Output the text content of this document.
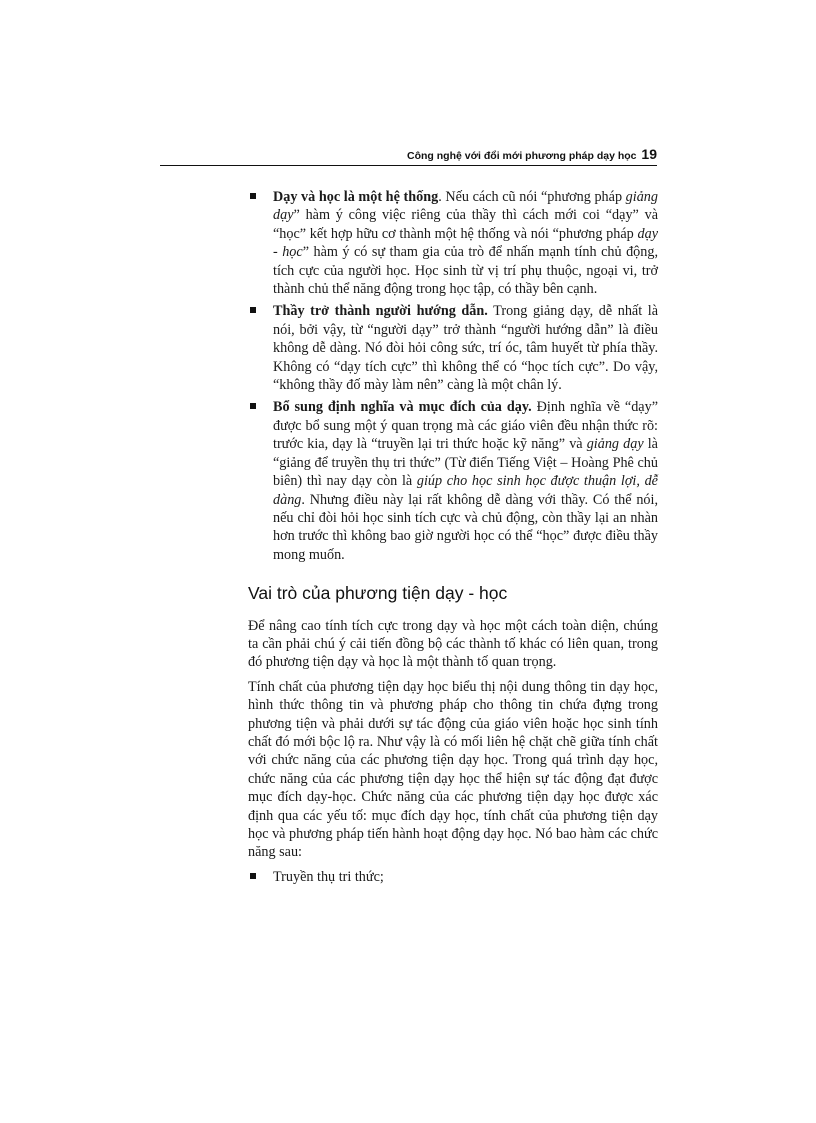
Công nghệ với đổi mới phương pháp dạy học 19
Dạy và học là một hệ thống. Nếu cách cũ nói “phương pháp giảng dạy” hàm ý công việc riêng của thầy thì cách mới coi “dạy” và “học” kết hợp hữu cơ thành một hệ thống và nói “phương pháp dạy - học” hàm ý có sự tham gia của trò để nhấn mạnh tính chủ động, tích cực của người học. Học sinh từ vị trí phụ thuộc, ngoại vi, trở thành chủ thể năng động trong học tập, có thầy bên cạnh.
Thầy trở thành người hướng dẫn. Trong giảng dạy, dễ nhất là nói, bởi vậy, từ “người dạy” trở thành “người hướng dẫn” là điều không dễ dàng. Nó đòi hỏi công sức, trí óc, tâm huyết từ phía thầy. Không có “dạy tích cực” thì không thể có “học tích cực”. Do vậy, “không thầy đố mày làm nên” càng là một chân lý.
Bổ sung định nghĩa và mục đích của dạy. Định nghĩa về “dạy” được bổ sung một ý quan trọng mà các giáo viên đều nhận thức rõ: trước kia, dạy là “truyền lại tri thức hoặc kỹ năng” và giảng dạy là “giảng để truyền thụ tri thức” (Từ điển Tiếng Việt – Hoàng Phê chủ biên) thì nay dạy còn là giúp cho học sinh học được thuận lợi, dễ dàng. Nhưng điều này lại rất không dễ dàng với thầy. Có thể nói, nếu chỉ đòi hỏi học sinh tích cực và chủ động, còn thầy lại an nhàn hơn trước thì không bao giờ người học có thể “học” được điều thầy mong muốn.
Vai trò của phương tiện dạy - học

Để nâng cao tính tích cực trong dạy và học một cách toàn diện, chúng ta cần phải chú ý cải tiến đồng bộ các thành tố khác có liên quan, trong đó phương tiện dạy và học là một thành tố quan trọng.

Tính chất của phương tiện dạy học biểu thị nội dung thông tin dạy học, hình thức thông tin và phương pháp cho thông tin chứa đựng trong phương tiện và phải dưới sự tác động của giáo viên hoặc học sinh tính chất đó mới bộc lộ ra. Như vậy là có mối liên hệ chặt chẽ giữa tính chất với chức năng của các phương tiện dạy học. Trong quá trình dạy học, chức năng của các phương tiện dạy học thể hiện sự tác động đạt được mục đích dạy-học. Chức năng của các phương tiện dạy học được xác định qua các yếu tố: mục đích dạy học, tính chất của phương tiện dạy học và phương pháp tiến hành hoạt động dạy học. Nó bao hàm các chức năng sau:

Truyền thụ tri thức;
